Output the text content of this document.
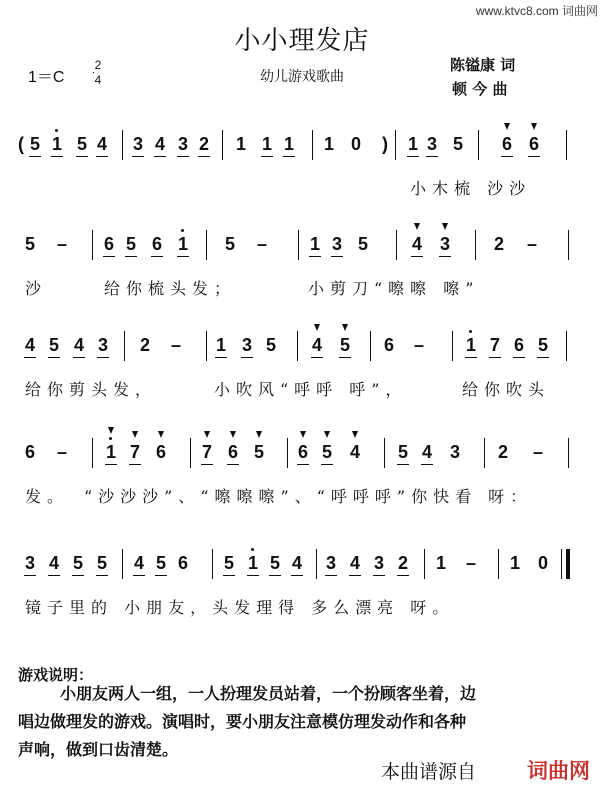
www.ktvc8.com 词曲网
小小理发店
1＝C
2
4	幼儿游戏歌曲
陈镒康 词
顿 今 曲
( 5 1 5 4 3 4 3 2 1 1 1 1 0 ) 1 3 5 6 6
小木梳 沙沙
5 – 6 5 6 1 5 – 1 3 5 4 3 2 –
沙	给你梳头发；	小剪刀“嚓嚓 嚓”
4 5 4 3 2 – 1 3 5 4 5 6 – 1 7 6 5
给你剪头发，	小吹风“呼呼 呼”，	给你吹头
6 – 1 7 6 7 6 5 6 5 4 5 4 3 2 –
发。 “沙沙沙”、“嚓嚓嚓”、“呼呼呼”你快看 呀：
3 4 5 5 4 5 6 5 1 5 4 3 4 3 2 1 – 1 0
镜子里的 小朋友，头发理得 多么漂亮 呀。
游戏说明：
小朋友两人一组，一人扮理发员站着，一个扮顾客坐着，边
唱边做理发的游戏。演唱时，要小朋友注意模仿理发动作和各种
声响，做到口齿清楚。
本曲谱源自 词曲网
